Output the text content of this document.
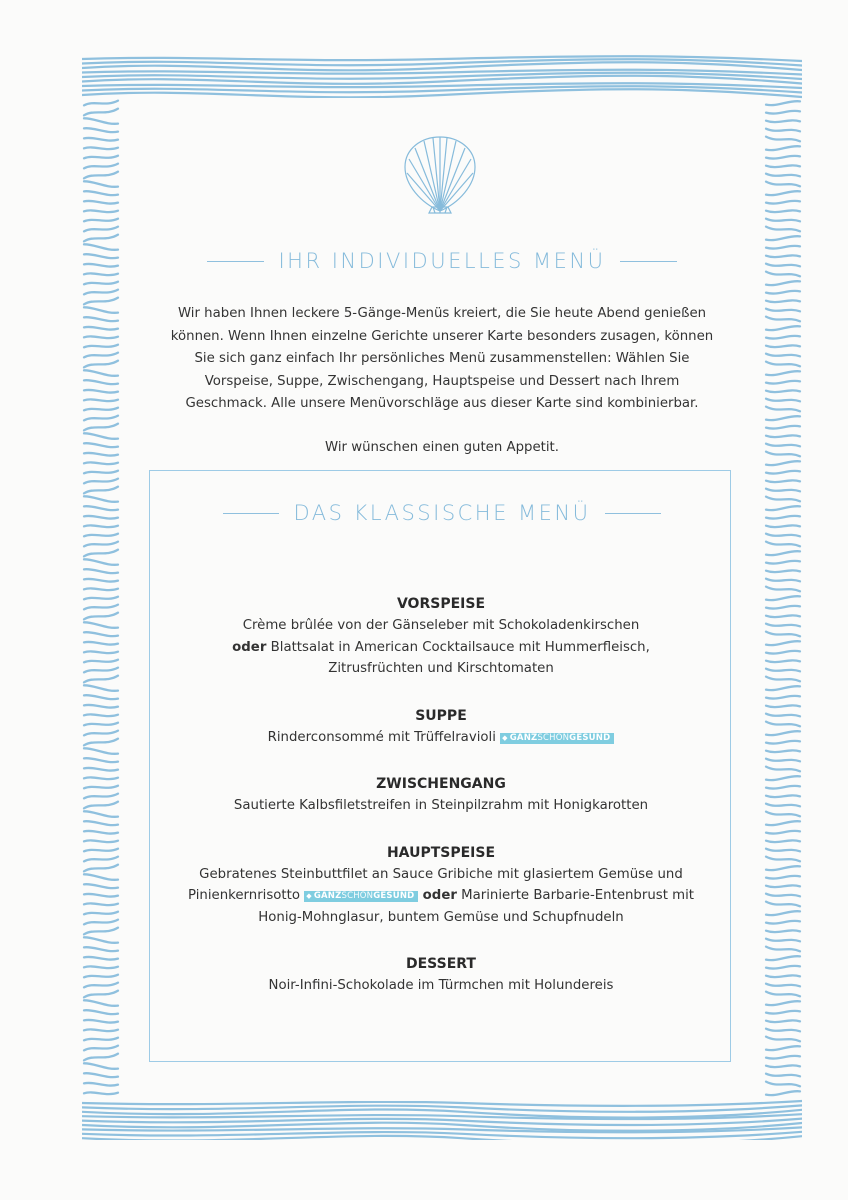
IHR INDIVIDUELLES MENÜ

Wir haben Ihnen leckere 5-Gänge-Menüs kreiert, die Sie heute Abend genießen

können. Wenn Ihnen einzelne Gerichte unserer Karte besonders zusagen, können

Sie sich ganz einfach Ihr persönliches Menü zusammenstellen: Wählen Sie

Vorspeise, Suppe, Zwischengang, Hauptspeise und Dessert nach Ihrem

Geschmack. Alle unsere Menüvorschläge aus dieser Karte sind kombinierbar.

Wir wünschen einen guten Appetit.

DAS KLASSISCHE MENÜ
VORSPEISE

Crème brûlée von der Gänseleber mit Schokoladenkirschen

oder Blattsalat in American Cocktailsauce mit Hummerfleisch,

Zitrusfrüchten und Kirschtomaten

SUPPE

Rinderconsommé mit Trüffelravioli ◆ GANZSCHÖNGESUND

ZWISCHENGANG

Sautierte Kalbsfiletstreifen in Steinpilzrahm mit Honigkarotten

HAUPTSPEISE

Gebratenes Steinbuttfilet an Sauce Gribiche mit glasiertem Gemüse und

Pinienkernrisotto ◆ GANZSCHÖNGESUND oder Marinierte Barbarie-Entenbrust mit

Honig-Mohnglasur, buntem Gemüse und Schupfnudeln

DESSERT

Noir-Infini-Schokolade im Türmchen mit Holundereis
